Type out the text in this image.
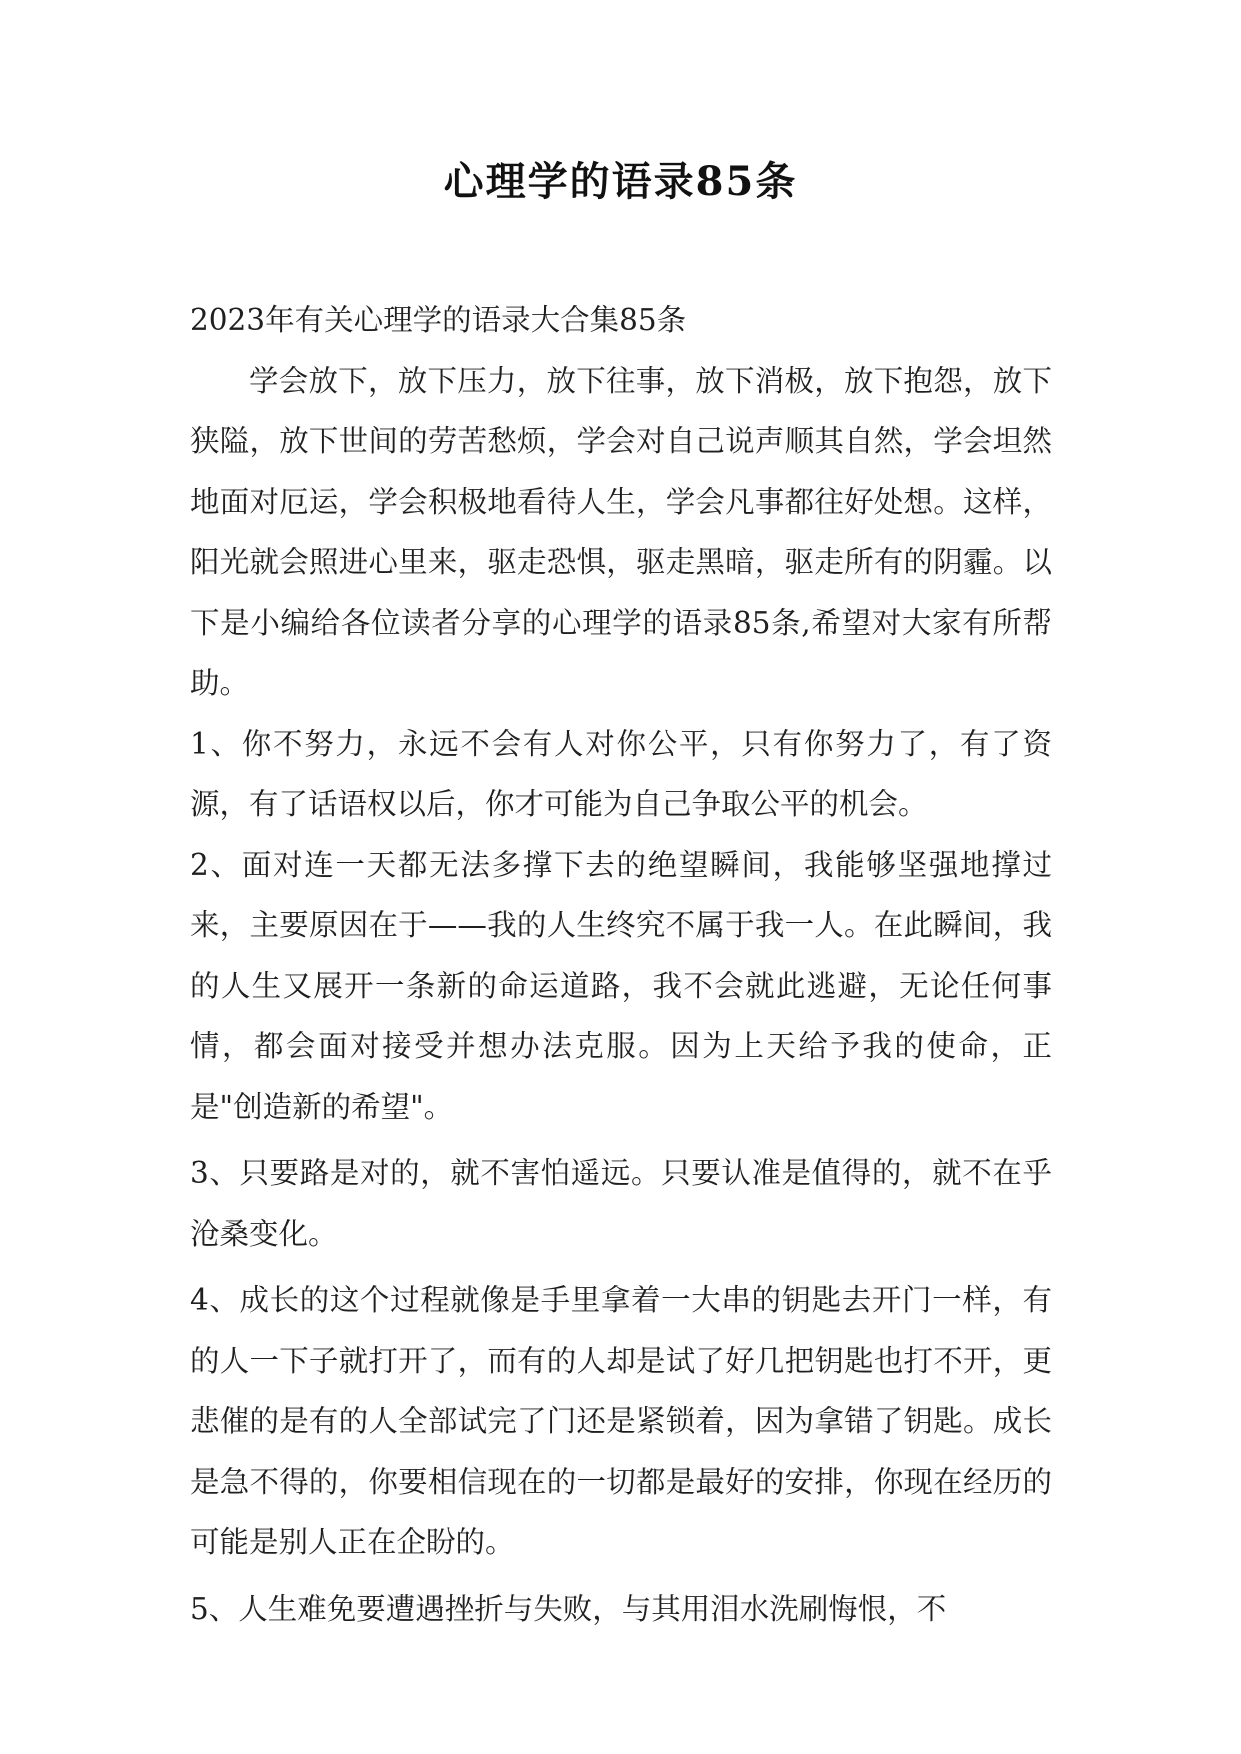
心理学的语录85条

2023年有关心理学的语录大合集85条

学会放下，放下压力，放下往事，放下消极，放下抱怨，放下狭隘，放下世间的劳苦愁烦，学会对自己说声顺其自然，学会坦然地面对厄运，学会积极地看待人生，学会凡事都往好处想。这样，阳光就会照进心里来，驱走恐惧，驱走黑暗，驱走所有的阴霾。以下是小编给各位读者分享的心理学的语录85条,希望对大家有所帮助。

1、你不努力，永远不会有人对你公平，只有你努力了，有了资源，有了话语权以后，你才可能为自己争取公平的机会。

2、面对连一天都无法多撑下去的绝望瞬间，我能够坚强地撑过来，主要原因在于——我的人生终究不属于我一人。在此瞬间，我的人生又展开一条新的命运道路，我不会就此逃避，无论任何事情，都会面对接受并想办法克服。因为上天给予我的使命，正是"创造新的希望"。

3、只要路是对的，就不害怕遥远。只要认准是值得的，就不在乎沧桑变化。

4、成长的这个过程就像是手里拿着一大串的钥匙去开门一样，有的人一下子就打开了，而有的人却是试了好几把钥匙也打不开，更悲催的是有的人全部试完了门还是紧锁着，因为拿错了钥匙。成长是急不得的，你要相信现在的一切都是最好的安排，你现在经历的可能是别人正在企盼的。

5、人生难免要遭遇挫折与失败，与其用泪水洗刷悔恨，不
